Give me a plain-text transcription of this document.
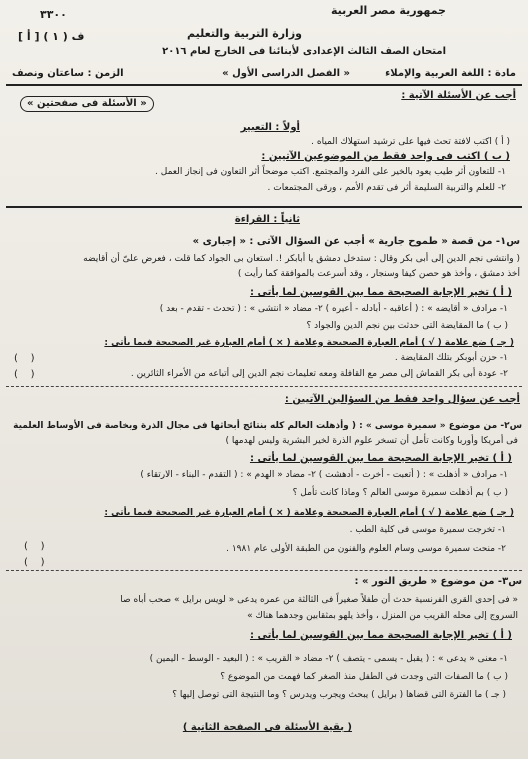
جمهورية مصر العربية
٣٣٠٠
ف ( ١ ) [ أ ]	وزارة التربية والتعليم
امتحان الصف الثالث الإعدادى لأبنائنا فى الخارج لعام ٢٠١٦
مادة : اللغة العربية والإملاء
« الفصل الدراسى الأول »
الزمن : ساعتان ونصف
أجب عن الأسئلة الآتية :
« الأسئلة فى صفحتين »
أولاً : التعبير
( أ ) اكتب لافتة تحث فيها على ترشيد استهلاك المياه .
( ب ) اكتب فى واحد فقط من الموضوعين الآتيين :
١- للتعاون أثر طيب يعود بالخير على الفرد والمجتمع. اكتب موضحاً أثر التعاون فى إنجاز العمل .
٢- للعلم والتربية السليمة أثر فى تقدم الأمم ، ورقى المجتمعات .
ثانياً : القراءة
س١- من قصة « طموح جارية » أجب عن السؤال الآتى : « إجبارى »
( وانتشى نجم الدين إلى أبى بكر وقال : ستدخل دمشق يا أبابكر !. استعان بى الجواد كما قلت ، فعرض علىّ أن أقايضه
أخذ دمشق ، وأخذ هو حصن كيفا وسنجار ، وقد أسرعت بالموافقة كما رأيت )
( أ ) تخير الإجابة الصحيحة مما بين القوسين لما يأتى :
١- مرادف « أقايضه » : ( أعاقبه - أبادله - أعيره ) ٢- مضاد « انتشى » : ( تحدث - تقدم - بعد )
( ب ) ما المقايضة التى حدثت بين نجم الدين والجواد ؟
( جـ ) ضع علامة ( √ ) أمام العبارة الصحيحة وعلامة ( × ) أمام العبارة غير الصحيحة فيما يأتى :
١- حزن أبوبكر بتلك المقايضة .
٢- عودة أبى بكر القماش إلى مصر مع القافلة ومعه تعليمات نجم الدين إلى أتباعه من الأمراء الثائرين .
(    )
(    )
أجب عن سؤال واحد فقط من السؤالين الآتيين :
س٢- من موضوع « سميرة موسى » : ( وأذهلت العالم كله بنتائج أبحاثها فى مجال الذرة وبخاصة فى الأوساط العلمية
فى أمريكا وأوربا وكانت تأمل أن تسخر علوم الذرة لخير البشرية وليس لهدمها )
( أ ) تخير الإجابة الصحيحة مما بين القوسين لما يأتى :
١- مرادف « أذهلت » : ( أتعبت - أخرت - أدهشت ) ٢- مضاد « الهدم » : ( التقدم - البناء - الارتقاء )
( ب ) بم أذهلت سميرة موسى العالم ؟ وماذا كانت تأمل ؟
( جـ ) ضع علامة ( √ ) أمام العبارة الصحيحة وعلامة ( × ) أمام العبارة غير الصحيحة فيما يأتى :
١- تخرجت سميرة موسى فى كلية الطب .
٢- منحت سميرة موسى وسام العلوم والفنون من الطبقة الأولى عام ١٩٨١ .
(    )
(    )
س٣- من موضوع « طريق النور » :
« فى إحدى القرى الفرنسية حدث أن طفلاً صغيراً فى الثالثة من عمره يدعى « لويس برايل » صحب أباه صا
السروج إلى محله القريب من المنزل ، وأخذ يلهو بمثقابين وجدهما هناك »
( أ ) تخير الإجابة الصحيحة مما بين القوسين لما يأتى :
١- معنى « يدعى » : ( يقبل - يسمى - يتصف ) ٢- مضاد « القريب » : ( البعيد - الوسط - اليمين )
( ب ) ما الصفات التى وجدت فى الطفل منذ الصغر كما فهمت من الموضوع ؟
( جـ ) ما الفترة التى قضاها ( برايل ) يبحث ويجرب ويدرس ؟ وما النتيجة التى توصل إليها ؟
( بقية الأسئلة فى الصفحة الثانية )
